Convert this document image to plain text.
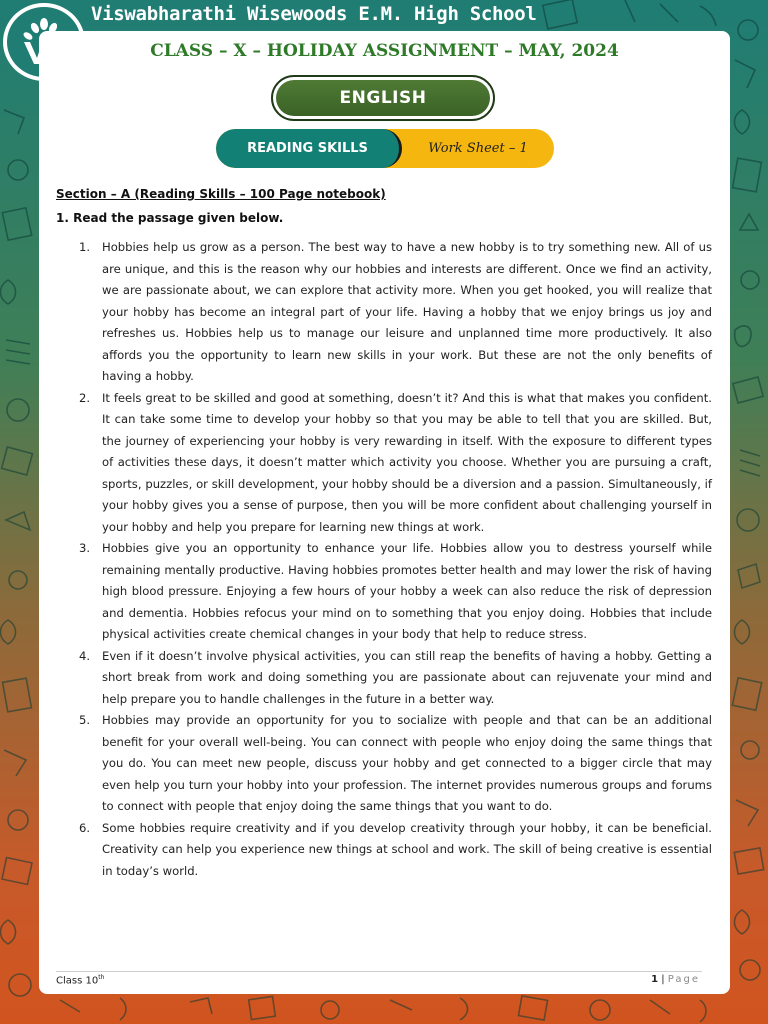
Viswabharathi Wisewoods E.M. High School
CLASS – X – HOLIDAY ASSIGNMENT – MAY, 2024
ENGLISH
READING SKILLS	Work Sheet – 1
Section – A (Reading Skills – 100 Page notebook)
1. Read the passage given below.
1. Hobbies help us grow as a person. The best way to have a new hobby is to try something new. All of us are unique, and this is the reason why our hobbies and interests are different. Once we find an activity, we are passionate about, we can explore that activity more. When you get hooked, you will realize that your hobby has become an integral part of your life. Having a hobby that we enjoy brings us joy and refreshes us. Hobbies help us to manage our leisure and unplanned time more productively. It also affords you the opportunity to learn new skills in your work. But these are not the only benefits of having a hobby.
2. It feels great to be skilled and good at something, doesn’t it? And this is what that makes you confident. It can take some time to develop your hobby so that you may be able to tell that you are skilled. But, the journey of experiencing your hobby is very rewarding in itself. With the exposure to different types of activities these days, it doesn’t matter which activity you choose. Whether you are pursuing a craft, sports, puzzles, or skill development, your hobby should be a diversion and a passion. Simultaneously, if your hobby gives you a sense of purpose, then you will be more confident about challenging yourself in your hobby and help you prepare for learning new things at work.
3. Hobbies give you an opportunity to enhance your life. Hobbies allow you to destress yourself while remaining mentally productive. Having hobbies promotes better health and may lower the risk of having high blood pressure. Enjoying a few hours of your hobby a week can also reduce the risk of depression and dementia. Hobbies refocus your mind on to something that you enjoy doing. Hobbies that include physical activities create chemical changes in your body that help to reduce stress.
4. Even if it doesn’t involve physical activities, you can still reap the benefits of having a hobby. Getting a short break from work and doing something you are passionate about can rejuvenate your mind and help prepare you to handle challenges in the future in a better way.
5. Hobbies may provide an opportunity for you to socialize with people and that can be an additional benefit for your overall well-being. You can connect with people who enjoy doing the same things that you do. You can meet new people, discuss your hobby and get connected to a bigger circle that may even help you turn your hobby into your profession. The internet provides numerous groups and forums to connect with people that enjoy doing the same things that you want to do.
6. Some hobbies require creativity and if you develop creativity through your hobby, it can be beneficial. Creativity can help you experience new things at school and work. The skill of being creative is essential in today’s world.
Class 10th	1 | Page
